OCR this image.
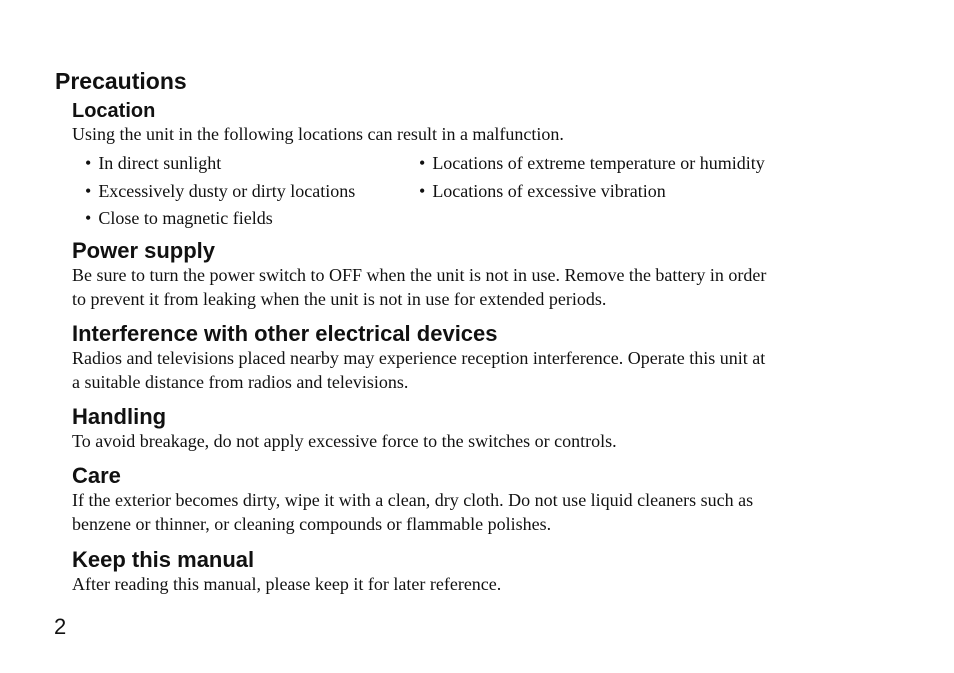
Precautions
Location

Using the unit in the following locations can result in a malfunction.

• In direct sunlight	• Locations of extreme temperature or humidity
• Excessively dusty or dirty locations	• Locations of excessive vibration
• Close to magnetic fields
Power supply

Be sure to turn the power switch to OFF when the unit is not in use. Remove the battery in order

to prevent it from leaking when the unit is not in use for extended periods.

Interference with other electrical devices

Radios and televisions placed nearby may experience reception interference. Operate this unit at

a suitable distance from radios and televisions.

Handling

To avoid breakage, do not apply excessive force to the switches or controls.

Care

If the exterior becomes dirty, wipe it with a clean, dry cloth. Do not use liquid cleaners such as

benzene or thinner, or cleaning compounds or flammable polishes.

Keep this manual

After reading this manual, please keep it for later reference.

2
